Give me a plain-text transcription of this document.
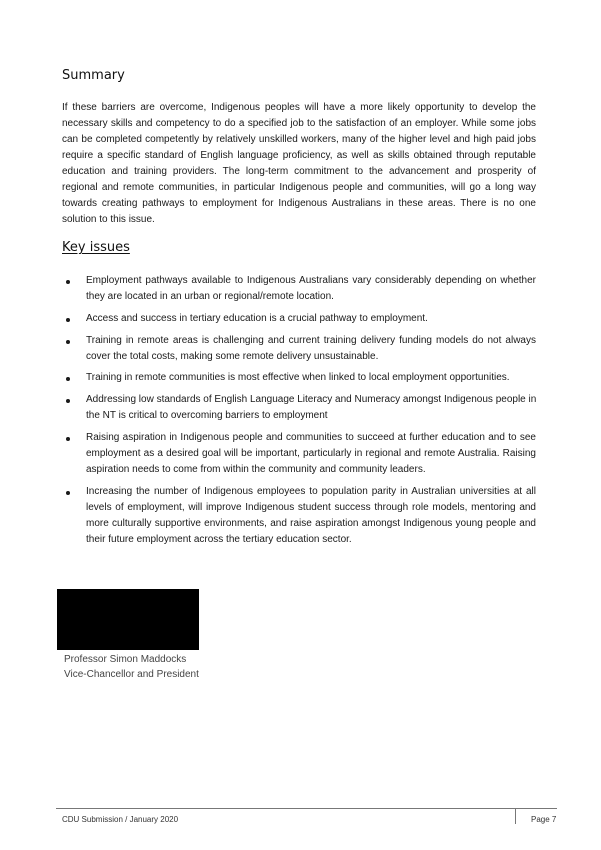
Summary
If these barriers are overcome, Indigenous peoples will have a more likely opportunity to develop the
necessary skills and competency to do a specified job to the satisfaction of an employer. While some jobs
can be completed competently by relatively unskilled workers, many of the higher level and high paid jobs
require a specific standard of English language proficiency, as well as skills obtained through reputable
education and training providers. The long-term commitment to the advancement and prosperity of
regional and remote communities, in particular Indigenous people and communities, will go a long way
towards creating pathways to employment for Indigenous Australians in these areas. There is no one
solution to this issue.
Key issues
Employment pathways available to Indigenous Australians vary considerably depending on whether
they are located in an urban or regional/remote location.
Access and success in tertiary education is a crucial pathway to employment.
Training in remote areas is challenging and current training delivery funding models do not always
cover the total costs, making some remote delivery unsustainable.
Training in remote communities is most effective when linked to local employment opportunities.
Addressing low standards of English Language Literacy and Numeracy amongst Indigenous people in
the NT is critical to overcoming barriers to employment
Raising aspiration in Indigenous people and communities to succeed at further education and to see
employment as a desired goal will be important, particularly in regional and remote Australia. Raising
aspiration needs to come from within the community and community leaders.
Increasing the number of Indigenous employees to population parity in Australian universities at all
levels of employment, will improve Indigenous student success through role models, mentoring and
more culturally supportive environments, and raise aspiration amongst Indigenous young people and
their future employment across the tertiary education sector.
Professor Simon Maddocks
Vice-Chancellor and President
CDU Submission / January 2020	Page 7
